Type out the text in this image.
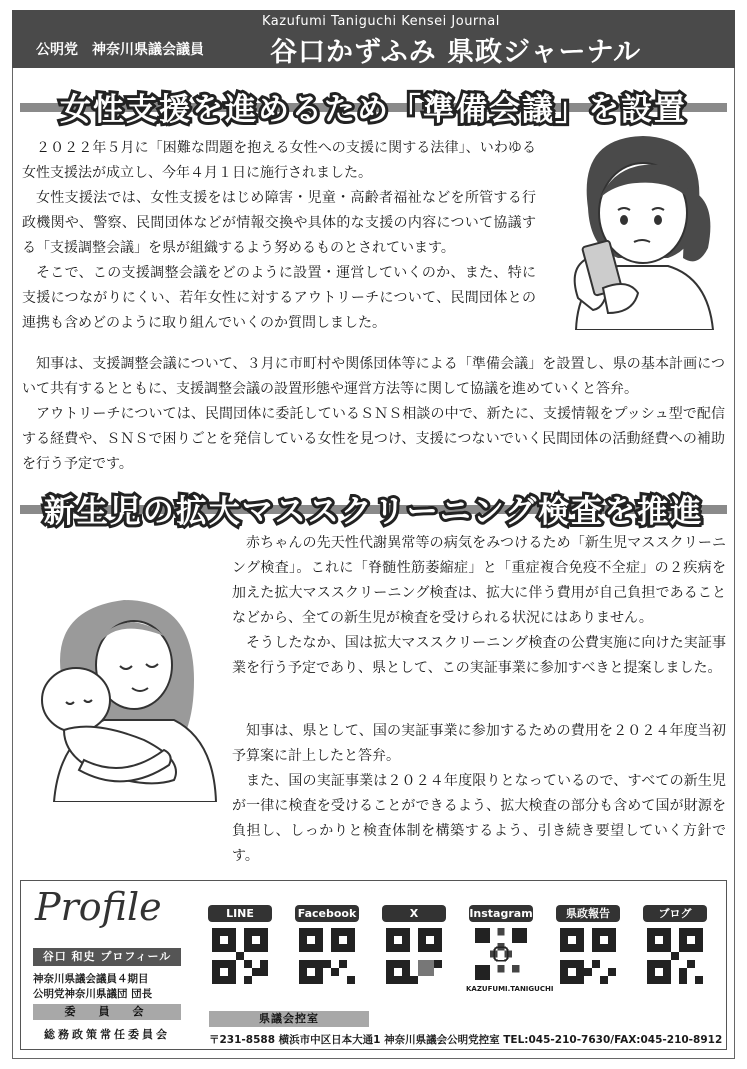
Kazufumi Taniguchi Kensei Journal
公明党　神奈川県議会議員 谷口かずふみ 県政ジャーナル
女性支援を進めるため「準備会議」を設置

２０２２年５月に「困難な問題を抱える女性への支援に関する法律」、いわゆる女性支援法が成立し、今年４月１日に施行されました。

女性支援法では、女性支援をはじめ障害・児童・高齢者福祉などを所管する行政機関や、警察、民間団体などが情報交換や具体的な支援の内容について協議する「支援調整会議」を県が組織するよう努めるものとされています。

そこで、この支援調整会議をどのように設置・運営していくのか、また、特に支援につながりにくい、若年女性に対するアウトリーチについて、民間団体との連携も含めどのように取り組んでいくのか質問しました。

知事は、支援調整会議について、３月に市町村や関係団体等による「準備会議」を設置し、県の基本計画について共有するとともに、支援調整会議の設置形態や運営方法等に関して協議を進めていくと答弁。

アウトリーチについては、民間団体に委託しているＳＮＳ相談の中で、新たに、支援情報をプッシュ型で配信する経費や、ＳＮＳで困りごとを発信している女性を見つけ、支援につないでいく民間団体の活動経費への補助を行う予定です。

新生児の拡大マススクリーニング検査を推進

赤ちゃんの先天性代謝異常等の病気をみつけるため「新生児マススクリーニング検査」。これに「脊髄性筋萎縮症」と「重症複合免疫不全症」の２疾病を加えた拡大マススクリーニング検査は、拡大に伴う費用が自己負担であることなどから、全ての新生児が検査を受けられる状況にはありません。

そうしたなか、国は拡大マススクリーニング検査の公費実施に向けた実証事業を行う予定であり、県として、この実証事業に参加すべきと提案しました。

知事は、県として、国の実証事業に参加するための費用を２０２４年度当初予算案に計上したと答弁。

また、国の実証事業は２０２４年度限りとなっているので、すべての新生児が一律に検査を受けることができるよう、拡大検査の部分も含めて国が財源を負担し、しっかりと検査体制を構築するよう、引き続き要望していく方針です。

Profile
谷口 和史 プロフィール
神奈川県議会議員４期目
公明党神奈川県議団 団長
委　員　会
総務政策常任委員会
LINE	Facebook	X	Instagram
KAZUFUMI.TANIGUCHI
県政報告	ブログ
県議会控室
〒231-8588 横浜市中区日本大通1 神奈川県議会公明党控室 TEL:045-210-7630/FAX:045-210-8912
